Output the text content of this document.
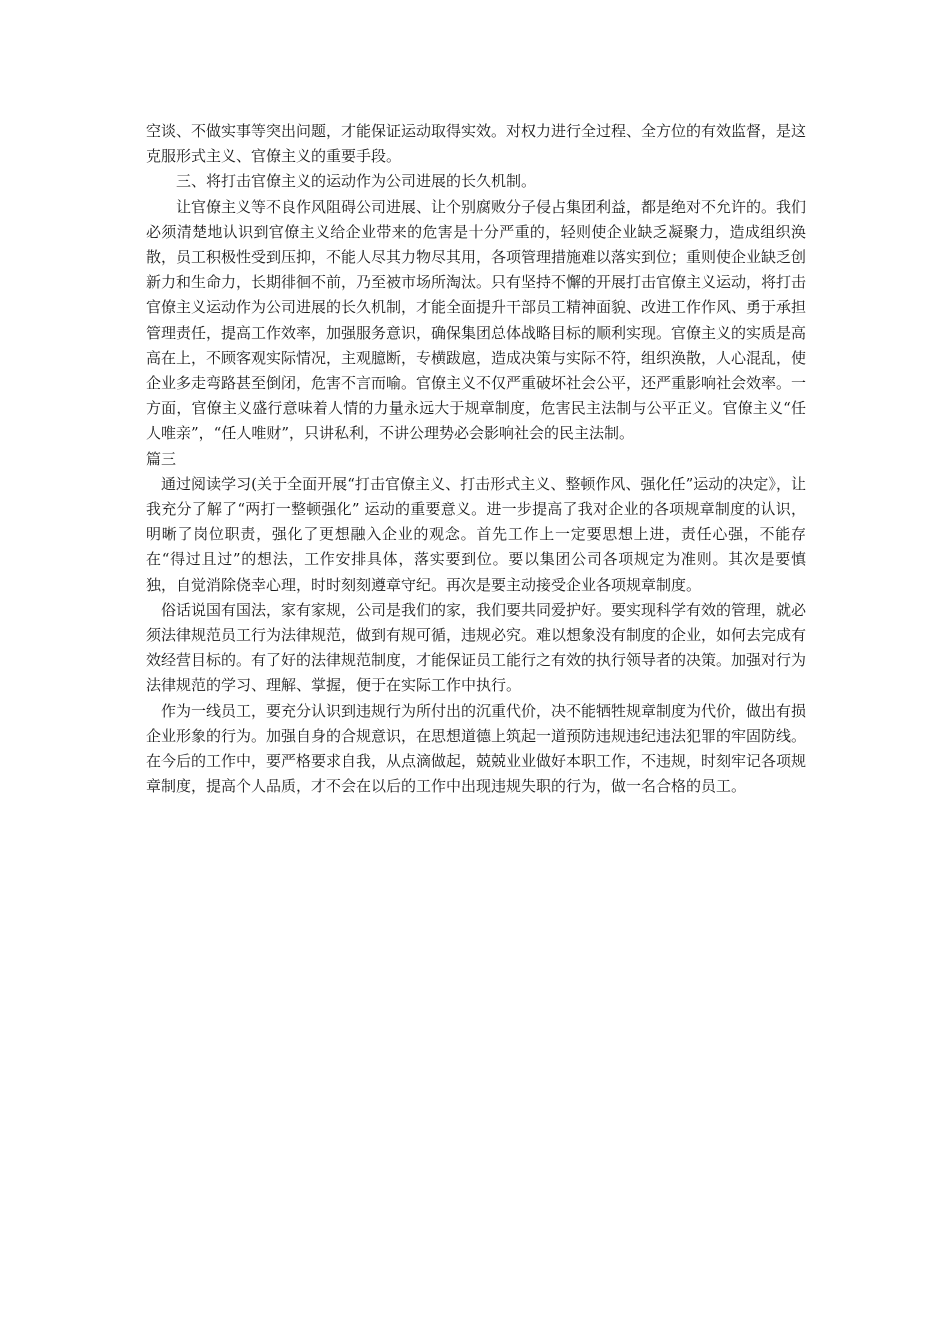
空谈、不做实事等突出问题，才能保证运动取得实效。对权力进行全过程、全方位的有效监督，是这克服形式主义、官僚主义的重要手段。

三、将打击官僚主义的运动作为公司进展的长久机制。

让官僚主义等不良作风阻碍公司进展、让个别腐败分子侵占集团利益，都是绝对不允许的。我们必须清楚地认识到官僚主义给企业带来的危害是十分严重的，轻则使企业缺乏凝聚力，造成组织涣散，员工积极性受到压抑，不能人尽其力物尽其用，各项管理措施难以落实到位；重则使企业缺乏创新力和生命力，长期徘徊不前，乃至被市场所淘汰。只有坚持不懈的开展打击官僚主义运动，将打击官僚主义运动作为公司进展的长久机制，才能全面提升干部员工精神面貌、改进工作作风、勇于承担管理责任，提高工作效率，加强服务意识，确保集团总体战略目标的顺利实现。官僚主义的实质是高高在上，不顾客观实际情况，主观臆断，专横跋扈，造成决策与实际不符，组织涣散，人心混乱，使企业多走弯路甚至倒闭，危害不言而喻。官僚主义不仅严重破坏社会公平，还严重影响社会效率。一方面，官僚主义盛行意味着人情的力量永远大于规章制度，危害民主法制与公平正义。官僚主义“任人唯亲”，“任人唯财”，只讲私利，不讲公理势必会影响社会的民主法制。

篇三

通过阅读学习(关于全面开展“打击官僚主义、打击形式主义、整顿作风、强化任”运动的决定》，让我充分了解了“两打一整顿强化” 运动的重要意义。进一步提高了我对企业的各项规章制度的认识，明晰了岗位职责，强化了更想融入企业的观念。首先工作上一定要思想上进，责任心强，不能存在“得过且过”的想法，工作安排具体，落实要到位。要以集团公司各项规定为准则。其次是要慎独，自觉消除侥幸心理，时时刻刻遵章守纪。再次是要主动接受企业各项规章制度。

俗话说国有国法，家有家规，公司是我们的家，我们要共同爱护好。要实现科学有效的管理，就必须法律规范员工行为法律规范，做到有规可循，违规必究。难以想象没有制度的企业，如何去完成有效经营目标的。有了好的法律规范制度，才能保证员工能行之有效的执行领导者的决策。加强对行为法律规范的学习、理解、掌握，便于在实际工作中执行。

作为一线员工，要充分认识到违规行为所付出的沉重代价，决不能牺牲规章制度为代价，做出有损企业形象的行为。加强自身的合规意识，在思想道德上筑起一道预防违规违纪违法犯罪的牢固防线。在今后的工作中，要严格要求自我，从点滴做起，兢兢业业做好本职工作，不违规，时刻牢记各项规章制度，提高个人品质，才不会在以后的工作中出现违规失职的行为，做一名合格的员工。
